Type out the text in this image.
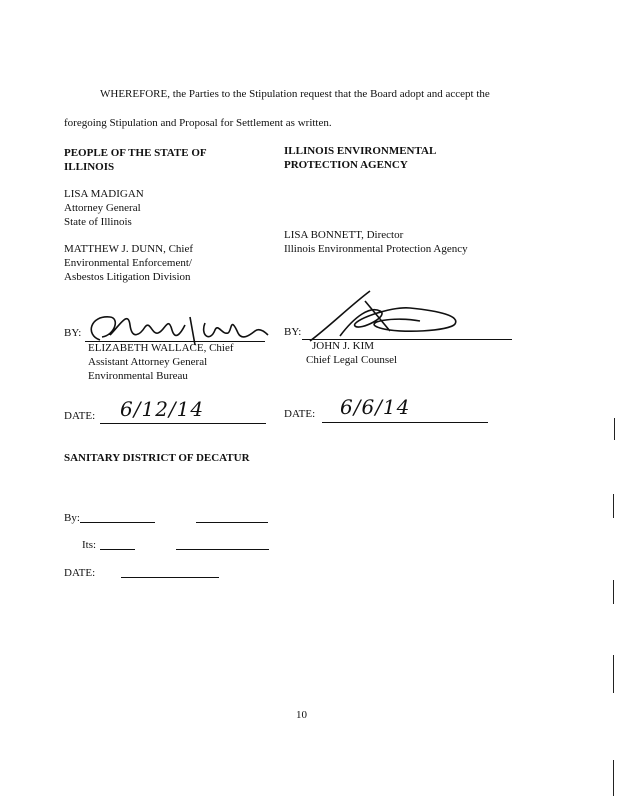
WHEREFORE, the Parties to the Stipulation request that the Board adopt and accept the
foregoing Stipulation and Proposal for Settlement as written.
PEOPLE OF THE STATE OF
ILLINOIS
LISA MADIGAN
Attorney General
State of Illinois
MATTHEW J. DUNN, Chief
Environmental Enforcement/
Asbestos Litigation Division
BY:
ELIZABETH WALLACE, Chief
Assistant Attorney General
Environmental Bureau
DATE: 6/12/14
ILLINOIS ENVIRONMENTAL
PROTECTION AGENCY
LISA BONNETT, Director
Illinois Environmental Protection Agency
BY:
JOHN J. KIM
Chief Legal Counsel
DATE: 6/6/14
SANITARY DISTRICT OF DECATUR
By:
Its:
DATE:
10
